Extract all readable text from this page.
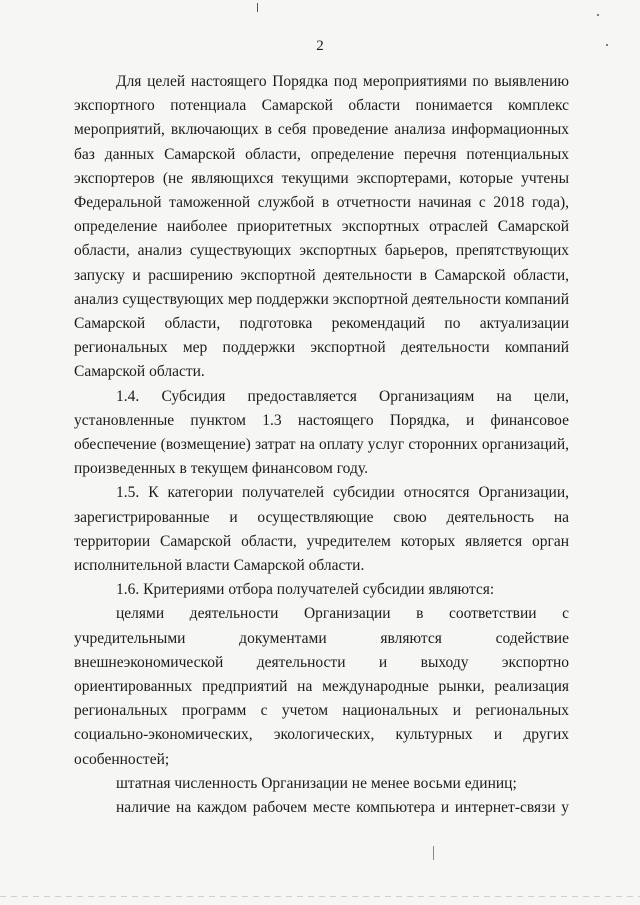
2

Для целей настоящего Порядка под мероприятиями по выявлению экспортного потенциала Самарской области понимается комплекс мероприятий, включающих в себя проведение анализа информационных баз данных Самарской области, определение перечня потенциальных экспортеров (не являющихся текущими экспортерами, которые учтены Федеральной таможенной службой в отчетности начиная с 2018 года), определение наиболее приоритетных экспортных отраслей Самарской области, анализ существующих экспортных барьеров, препятствующих запуску и расширению экспортной деятельности в Самарской области, анализ существующих мер поддержки экспортной деятельности компаний Самарской области, подготовка рекомендаций по актуализации региональных мер поддержки экспортной деятельности компаний Самарской области.

1.4. Субсидия предоставляется Организациям на цели, установленные пунктом 1.3 настоящего Порядка, и финансовое обеспечение (возмещение) затрат на оплату услуг сторонних организаций, произведенных в текущем финансовом году.

1.5. К категории получателей субсидии относятся Организации, зарегистрированные и осуществляющие свою деятельность на территории Самарской области, учредителем которых является орган исполнительной власти Самарской области.

1.6. Критериями отбора получателей субсидии являются:

целями деятельности Организации в соответствии с учредительными документами являются содействие внешнеэкономической деятельности и выходу экспортно ориентированных предприятий на международные рынки, реализация региональных программ с учетом национальных и региональных социально-экономических, экологических, культурных и других особенностей;

штатная численность Организации не менее восьми единиц;

наличие на каждом рабочем месте компьютера и интернет-связи у
